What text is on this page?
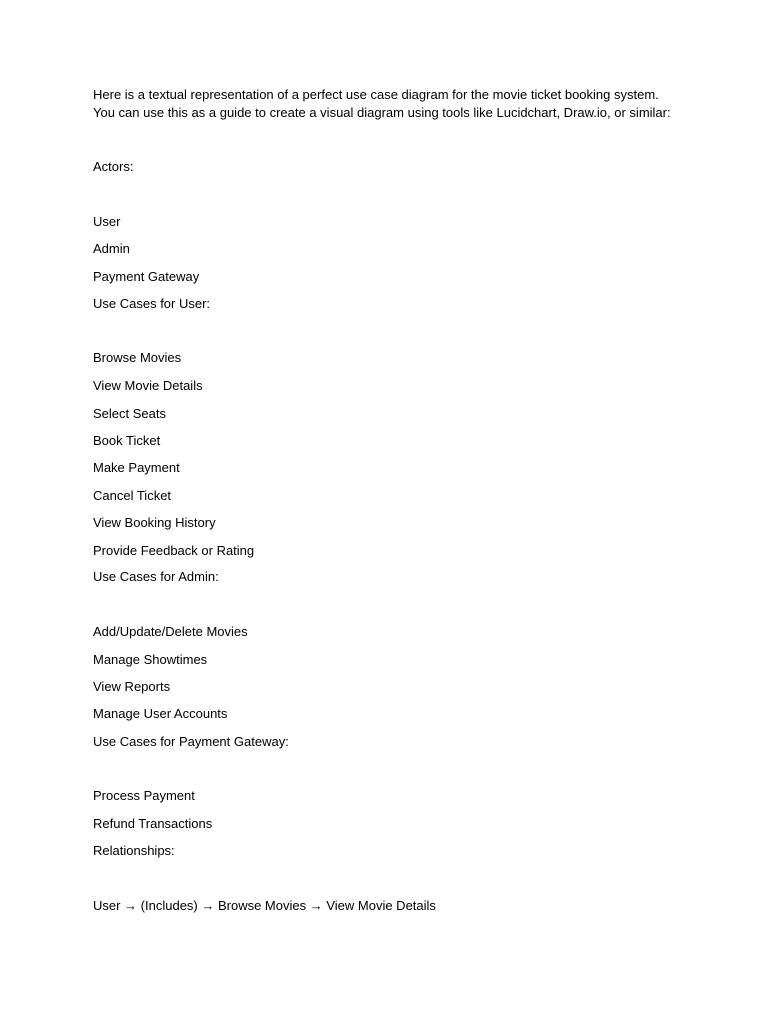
Here is a textual representation of a perfect use case diagram for the movie ticket booking system.
You can use this as a guide to create a visual diagram using tools like Lucidchart, Draw.io, or similar:
Actors:
User
Admin
Payment Gateway
Use Cases for User:
Browse Movies
View Movie Details
Select Seats
Book Ticket
Make Payment
Cancel Ticket
View Booking History
Provide Feedback or Rating
Use Cases for Admin:
Add/Update/Delete Movies
Manage Showtimes
View Reports
Manage User Accounts
Use Cases for Payment Gateway:
Process Payment
Refund Transactions
Relationships:
User → (Includes) → Browse Movies → View Movie Details
